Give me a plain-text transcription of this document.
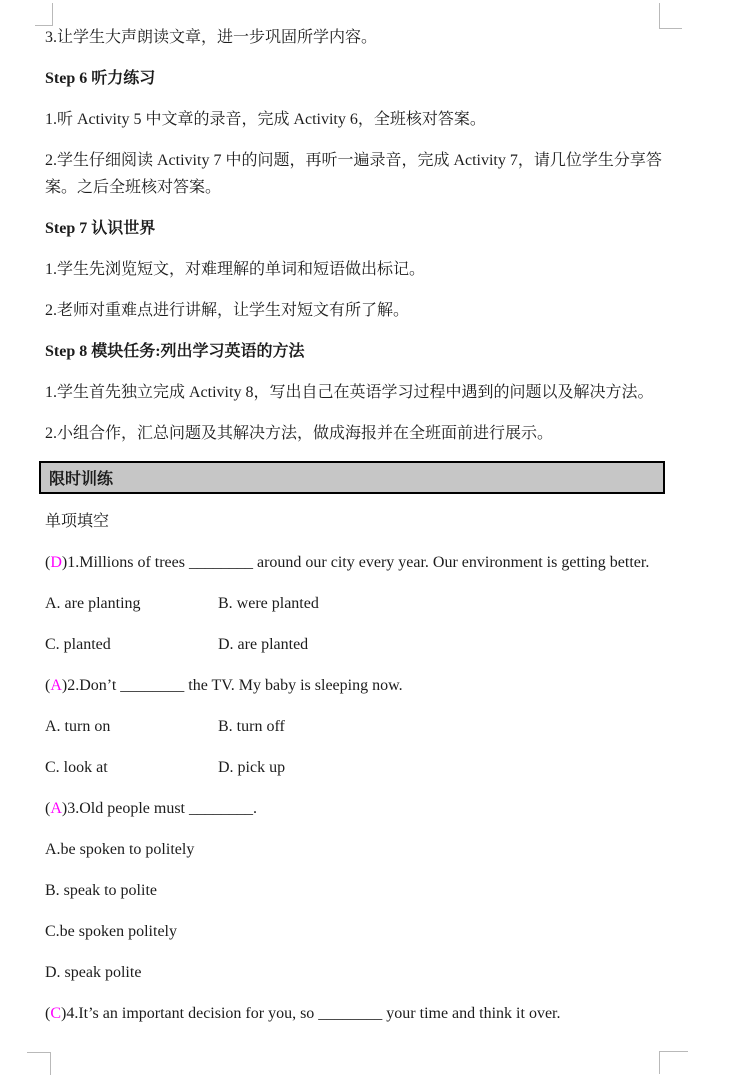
3.让学生大声朗读文章，进一步巩固所学内容。

Step 6 听力练习

1.听 Activity 5 中文章的录音，完成 Activity 6，全班核对答案。

2.学生仔细阅读 Activity 7 中的问题，再听一遍录音，完成 Activity 7，请几位学生分享答案。之后全班核对答案。

Step 7 认识世界

1.学生先浏览短文，对难理解的单词和短语做出标记。

2.老师对重难点进行讲解，让学生对短文有所了解。

Step 8 模块任务:列出学习英语的方法

1.学生首先独立完成 Activity 8，写出自己在英语学习过程中遇到的问题以及解决方法。

2.小组合作，汇总问题及其解决方法，做成海报并在全班面前进行展示。

限时训练

单项填空

(D)1.Millions of trees ________ around our city every year. Our environment is getting better.

A. are planting	B. were planted

C. planted	D. are planted

(A)2.Don’t ________ the TV. My baby is sleeping now.

A. turn on	B. turn off

C. look at	D. pick up

(A)3.Old people must ________.

A.be spoken to politely

B. speak to polite

C.be spoken politely

D. speak polite

(C)4.It’s an important decision for you, so ________ your time and think it over.
